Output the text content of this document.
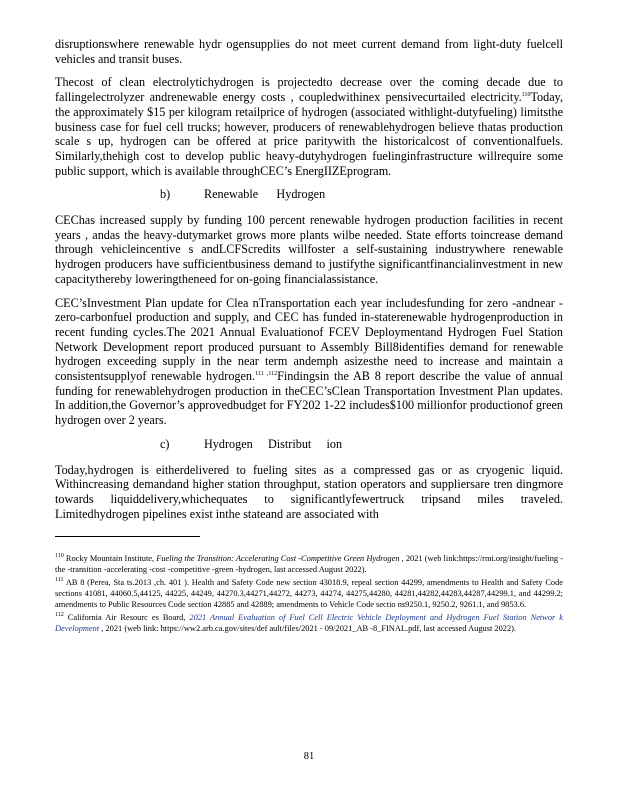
disruptionswhere renewable hydr ogensupplies do not meet current demand from light-duty fuelcell vehicles and transit buses.

Thecost of clean electrolytichydrogen is projectedto decrease over the coming decade due to fallingelectrolyzer andrenewable energy costs , coupledwithinex pensivecurtailed electricity.$^{110}$Today, the approximately $15 per kilogram retailprice of hydrogen (associated withlight-dutyfueling) limitsthe business case for fuel cell trucks; however, producers of renewablehydrogen believe thatas production scale s up, hydrogen can be offered at price paritywith the historicalcost of conventionalfuels. Similarly,thehigh cost to develop public heavy-dutyhydrogen fuelinginfrastructure willrequire some public support, which is available throughCEC’s EnergIIZEprogram.

b)	Renewable      Hydrogen

CEChas increased supply by funding 100 percent renewable hydrogen production facilities in recent years , andas the heavy-dutymarket grows more plants wilbe needed. State efforts toincrease demand through vehicleincentive s andLCFScredits willfoster a self-sustaining industrywhere renewable hydrogen producers have sufficientbusiness demand to justifythe significantfinancialinvestment in new capacitythereby loweringtheneed for on-going financialassistance.

CEC’sInvestment Plan update for Clea nTransportation each year includesfunding for zero -andnear -zero-carbonfuel production and supply, and CEC has funded in-staterenewable hydrogenproduction in recent funding cycles.The 2021 Annual Evaluationof FCEV Deploymentand Hydrogen Fuel Station Network Development report produced pursuant to Assembly Bill8identifies demand for renewable hydrogen exceeding supply in the near term andemph asizesthe need to increase and maintain a consistentsupplyof renewable hydrogen.$^{111 ,112}$Findingsin the AB 8 report describe the value of annual funding for renewablehydrogen production in theCEC’sClean Transportation Investment Plan updates. In addition,the Governor’s approvedbudget for FY202 1-22 includes$100 millionfor productionof green hydrogen over 2 years.

c)	Hydrogen     Distribut     ion

Today,hydrogen is eitherdelivered to fueling sites as a compressed gas or as cryogenic liquid. Withincreasing demandand higher station throughput, station operators and suppliersare tren dingmore towards liquiddelivery,whichequates to significantlyfewertruck tripsand miles traveled. Limitedhydrogen pipelines exist inthe stateand are associated with

$^{110}$ Rocky Mountain Institute, Fueling the Transition: Accelerating Cost -Competitive Green Hydrogen , 2021 (web link:https://rmi.org/insight/fueling -the -transition -accelerating -cost -competitive -green -hydrogen, last accessed August 2022).

$^{111}$ AB 8 (Perea, Sta ts.2013 ,ch. 401 ). Health and Safety Code new section 43018.9, repeal section 44299, amendments to Health and Safety Code sections 41081, 44060.5,44125, 44225, 44249, 44270.3,44271,44272, 44273, 44274, 44275,44280, 44281,44282,44283,44287,44299.1, and 44299.2; amendments to Public Resources Code section 42885 and 42889; amendments to Vehicle Code sectio ns9250.1, 9250.2, 9261.1, and 9853.6.

$^{112}$ California Air Resourc es Board, 2021 Annual Evaluation of Fuel Cell Electric Vehicle Deployment and Hydrogen Fuel Station Networ k Development , 2021 (web link: https://ww2.arb.ca.gov/sites/def ault/files/2021 - 09/2021_AB -8_FINAL.pdf, last accessed August 2022).

81
